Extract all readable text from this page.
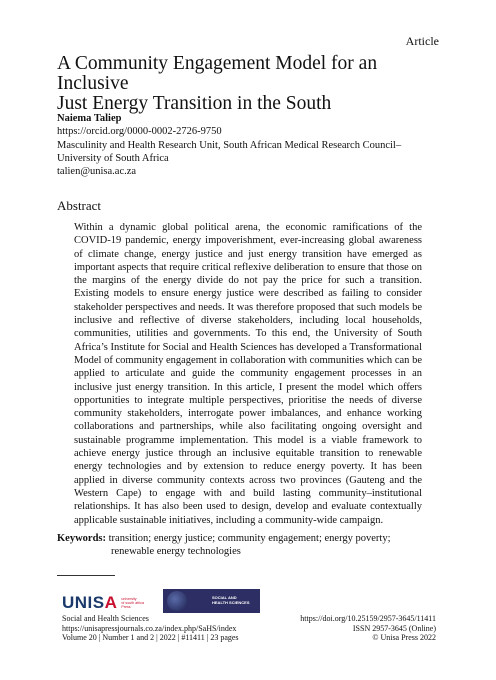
Article
A Community Engagement Model for an Inclusive
Just Energy Transition in the South
Naiema Taliep
https://orcid.org/0000-0002-2726-9750
Masculinity and Health Research Unit, South African Medical Research Council–
University of South Africa
talien@unisa.ac.za
Abstract
Within a dynamic global political arena, the economic ramifications of the COVID-19 pandemic, energy impoverishment, ever-increasing global awareness of climate change, energy justice and just energy transition have emerged as important aspects that require critical reflexive deliberation to ensure that those on the margins of the energy divide do not pay the price for such a transition. Existing models to ensure energy justice were described as failing to consider stakeholder perspectives and needs. It was therefore proposed that such models be inclusive and reflective of diverse stakeholders, including local households, communities, utilities and governments. To this end, the University of South Africa’s Institute for Social and Health Sciences has developed a Transformational Model of community engagement in collaboration with communities which can be applied to articulate and guide the community engagement processes in an inclusive just energy transition. In this article, I present the model which offers opportunities to integrate multiple perspectives, prioritise the needs of diverse community stakeholders, interrogate power imbalances, and enhance working collaborations and partnerships, while also facilitating ongoing oversight and sustainable programme implementation. This model is a viable framework to achieve energy justice through an inclusive equitable transition to renewable energy technologies and by extension to reduce energy poverty. It has been applied in diverse community contexts across two provinces (Gauteng and the Western Cape) to engage with and build lasting community–institutional relationships. It has also been used to design, develop and evaluate contextually applicable sustainable initiatives, including a community-wide campaign.
Keywords: transition; energy justice; community engagement; energy poverty;
renewable energy technologies
UNISA university
of south africa
Press
SOCIAL AND
HEALTH SCIENCES
Social and Health Sciences
https://unisapressjournals.co.za/index.php/SaHS/index
Volume 20 | Number 1 and 2 | 2022 | #11411 | 23 pages
https://doi.org/10.25159/2957-3645/11411
ISSN 2957-3645 (Online)
© Unisa Press 2022
